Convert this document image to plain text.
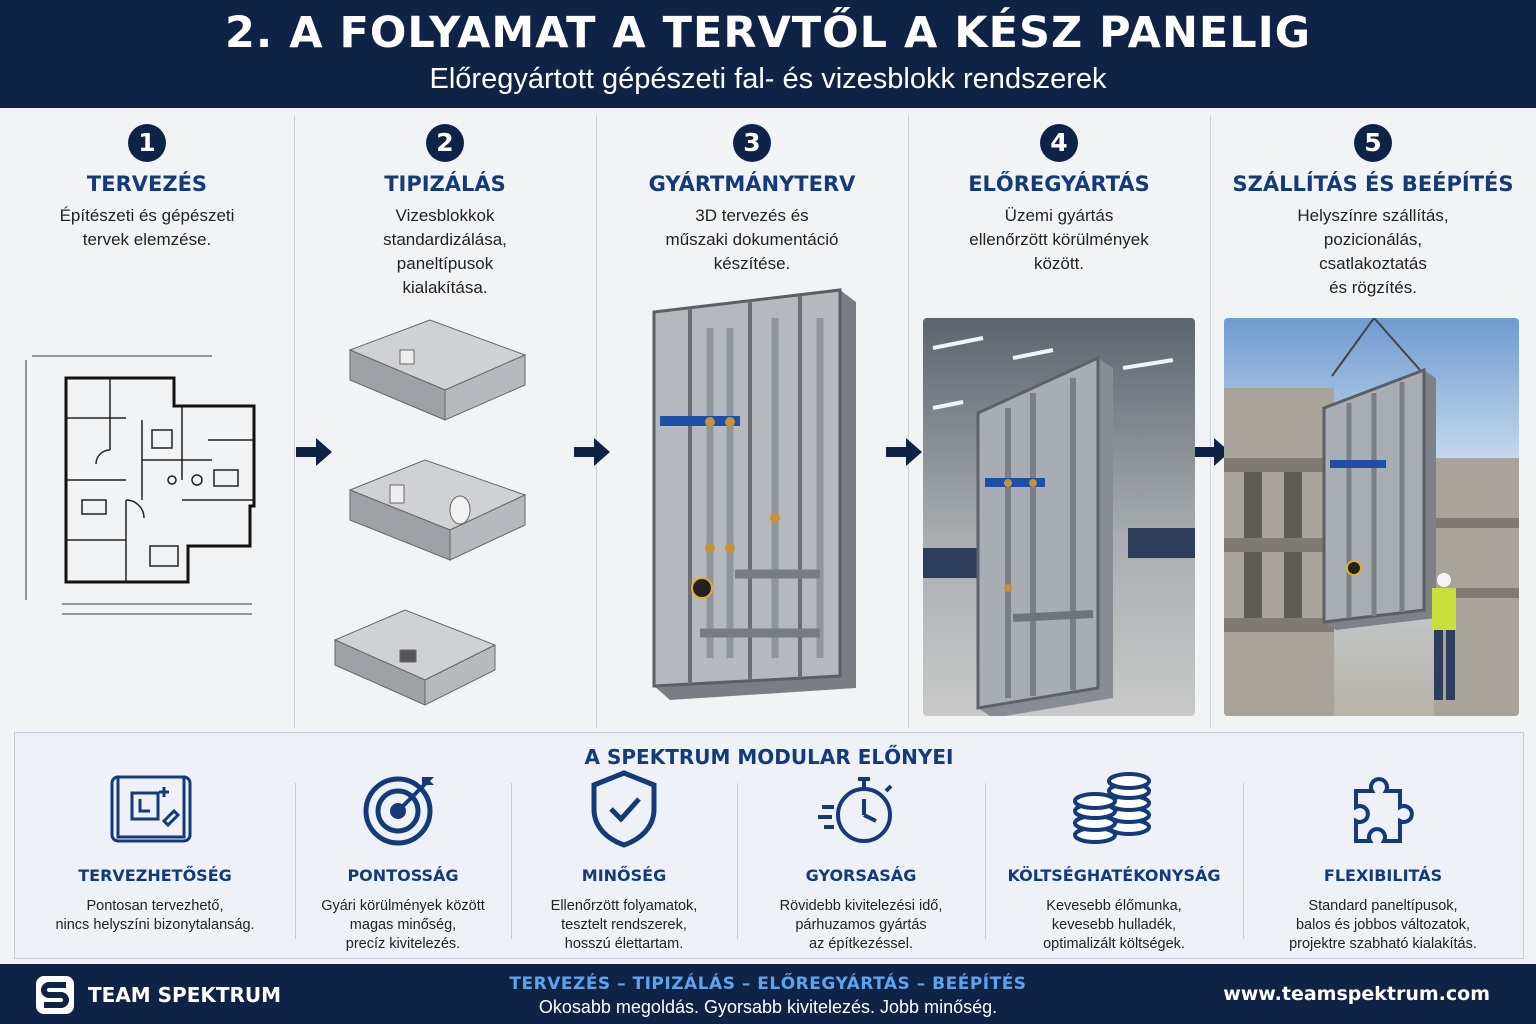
2. A FOLYAMAT A TERVTŐL A KÉSZ PANELIG
Előregyártott gépészeti fal- és vizesblokk rendszerek
1
TERVEZÉS
Építészeti és gépészeti
tervek elemzése.
2
TIPIZÁLÁS
Vizesblokkok
standardizálása,
paneltípusok
kialakítása.
3
GYÁRTMÁNYTERV
3D tervezés és
műszaki dokumentáció
készítése.
4
ELŐREGYÁRTÁS
Üzemi gyártás
ellenőrzött körülmények
között.
5
SZÁLLÍTÁS ÉS BEÉPÍTÉS
Helyszínre szállítás,
pozicionálás,
csatlakoztatás
és rögzítés.
A SPEKTRUM MODULAR ELŐNYEI
TERVEZHETŐSÉG
Pontosan tervezhető,
nincs helyszíni bizonytalanság.
PONTOSSÁG
Gyári körülmények között
magas minőség,
precíz kivitelezés.
MINŐSÉG
Ellenőrzött folyamatok,
tesztelt rendszerek,
hosszú élettartam.
GYORSASÁG
Rövidebb kivitelezési idő,
párhuzamos gyártás
az építkezéssel.
KÖLTSÉGHATÉKONYSÁG
Kevesebb élőmunka,
kevesebb hulladék,
optimalizált költségek.
FLEXIBILITÁS
Standard paneltípusok,
balos és jobbos változatok,
projektre szabható kialakítás.
TEAM SPEKTRUM	TERVEZÉS – TIPIZÁLÁS – ELŐREGYÁRTÁS – BEÉPÍTÉS
Okosabb megoldás. Gyorsabb kivitelezés. Jobb minőség.
www.teamspektrum.com
